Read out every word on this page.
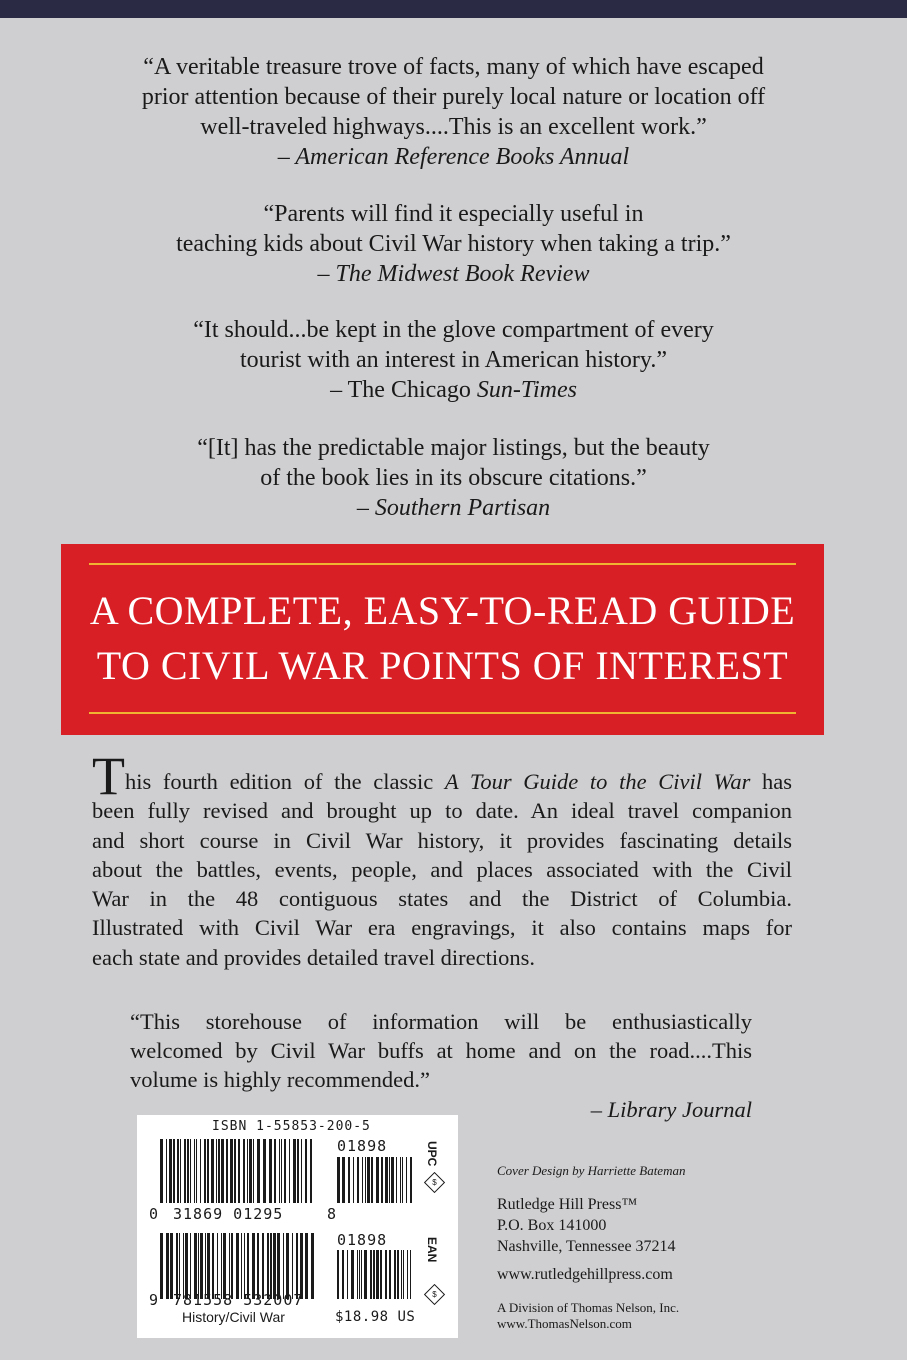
“A veritable treasure trove of facts, many of which have escaped
prior attention because of their purely local nature or location off
well-traveled highways....This is an excellent work.”
– American Reference Books Annual
“Parents will find it especially useful in
teaching kids about Civil War history when taking a trip.”
– The Midwest Book Review
“It should...be kept in the glove compartment of every
tourist with an interest in American history.”
– The Chicago Sun-Times
“[It] has the predictable major listings, but the beauty
of the book lies in its obscure citations.”
– Southern Partisan
A COMPLETE, EASY-TO-READ GUIDE
TO CIVIL WAR POINTS OF INTEREST
This fourth edition of the classic A Tour Guide to the Civil War has
been fully revised and brought up to date. An ideal travel companion
and short course in Civil War history, it provides fascinating details
about the battles, events, people, and places associated with the Civil
War in the 48 contiguous states and the District of Columbia.
Illustrated with Civil War era engravings, it also contains maps for
each state and provides detailed travel directions.
“This storehouse of information will be enthusiastically
welcomed by Civil War buffs at home and on the road....This
volume is highly recommended.”
– Library Journal
ISBN 1-55853-200-5
01898	UPC
$
0 31869 01295	8
01898	EAN
$
9 781558 532007
History/Civil War	$18.98 US
Cover Design by Harriette Bateman
Rutledge Hill Press™
P.O. Box 141000
Nashville, Tennessee 37214
www.rutledgehillpress.com
A Division of Thomas Nelson, Inc.
www.ThomasNelson.com
